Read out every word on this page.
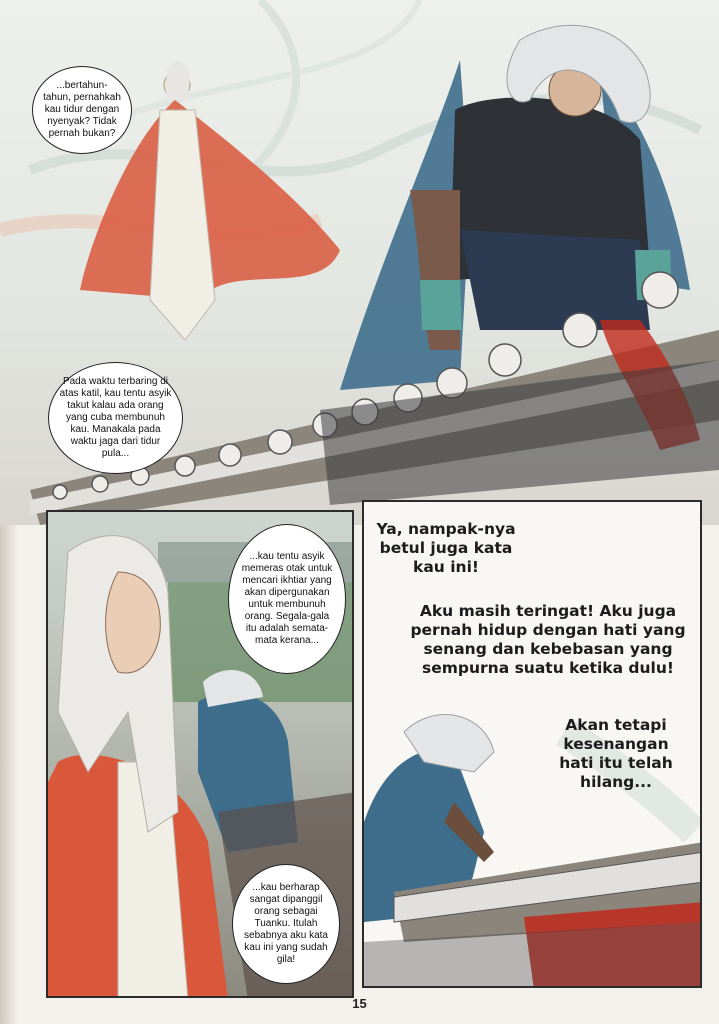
...bertahun-tahun, pernahkah kau tidur dengan nyenyak? Tidak pernah bukan?
Pada waktu terbaring di atas katil, kau tentu asyik takut kalau ada orang yang cuba membunuh kau. Manakala pada waktu jaga dari tidur pula...
...kau tentu asyik memeras otak untuk mencari ikhtiar yang akan dipergunakan untuk membunuh orang. Segala-gala itu adalah semata-mata kerana...
...kau berharap sangat dipanggil orang sebagai Tuanku. Itulah sebabnya aku kata kau ini yang sudah gila!
Ya, nampak-nya betul juga kata kau ini!
Aku masih teringat! Aku juga pernah hidup dengan hati yang senang dan kebebasan yang sempurna suatu ketika dulu!
Akan tetapi kesenangan hati itu telah hilang...
15
